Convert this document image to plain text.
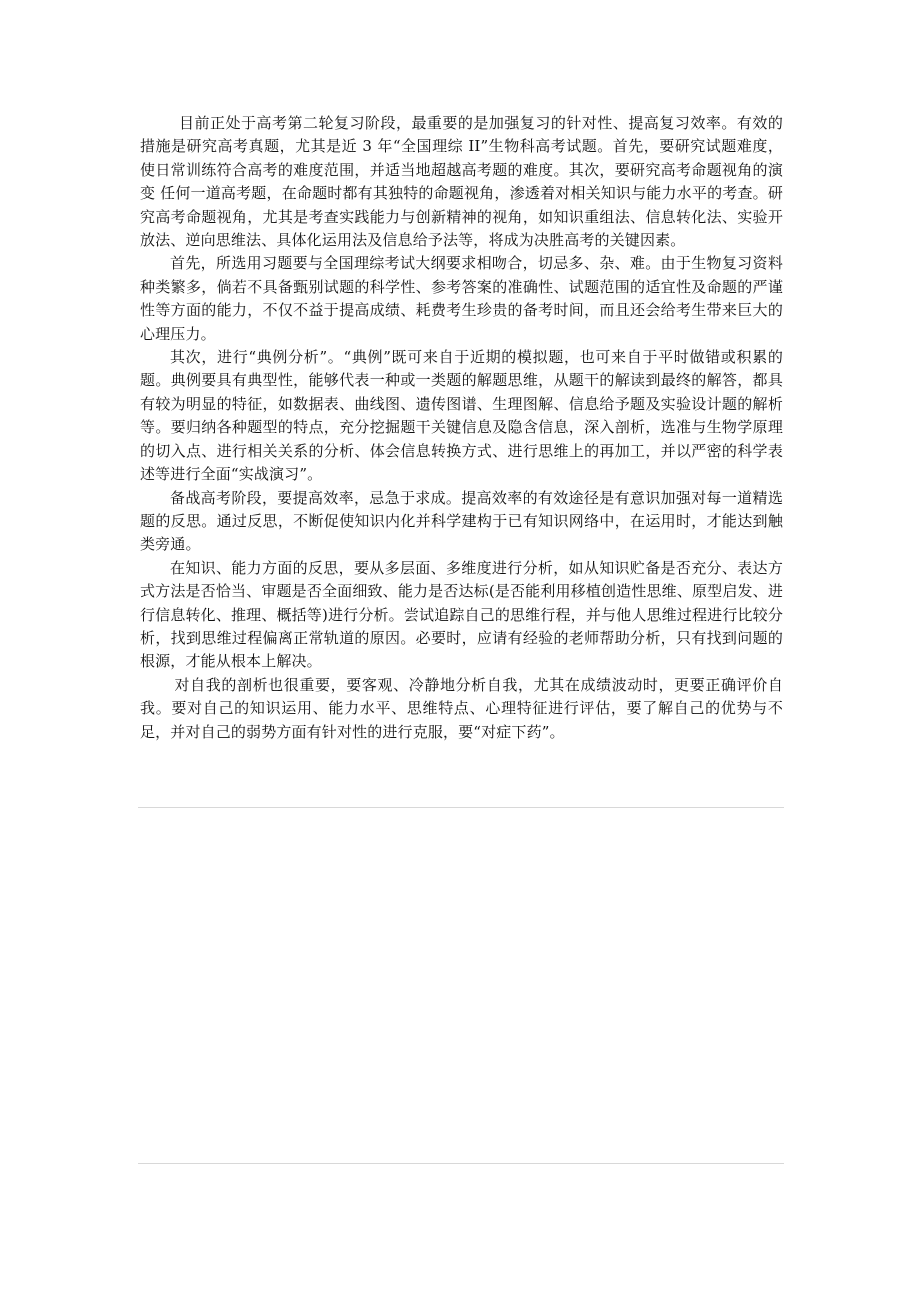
目前正处于高考第二轮复习阶段，最重要的是加强复习的针对性、提高复习效率。有效的措施是研究高考真题，尤其是近 3 年“全国理综 II”生物科高考试题。首先，要研究试题难度，使日常训练符合高考的难度范围，并适当地超越高考题的难度。其次，要研究高考命题视角的演变 任何一道高考题，在命题时都有其独特的命题视角，渗透着对相关知识与能力水平的考查。研究高考命题视角，尤其是考查实践能力与创新精神的视角，如知识重组法、信息转化法、实验开放法、逆向思维法、具体化运用法及信息给予法等，将成为决胜高考的关键因素。

首先，所选用习题要与全国理综考试大纲要求相吻合，切忌多、杂、难。由于生物复习资料种类繁多，倘若不具备甄别试题的科学性、参考答案的准确性、试题范围的适宜性及命题的严谨性等方面的能力，不仅不益于提高成绩、耗费考生珍贵的备考时间，而且还会给考生带来巨大的心理压力。

其次，进行“典例分析”。“典例”既可来自于近期的模拟题，也可来自于平时做错或积累的题。典例要具有典型性，能够代表一种或一类题的解题思维，从题干的解读到最终的解答，都具有较为明显的特征，如数据表、曲线图、遗传图谱、生理图解、信息给予题及实验设计题的解析等。要归纳各种题型的特点，充分挖掘题干关键信息及隐含信息，深入剖析，选准与生物学原理的切入点、进行相关关系的分析、体会信息转换方式、进行思维上的再加工，并以严密的科学表述等进行全面“实战演习”。

备战高考阶段，要提高效率，忌急于求成。提高效率的有效途径是有意识加强对每一道精选题的反思。通过反思，不断促使知识内化并科学建构于已有知识网络中，在运用时，才能达到触类旁通。

在知识、能力方面的反思，要从多层面、多维度进行分析，如从知识贮备是否充分、表达方式方法是否恰当、审题是否全面细致、能力是否达标(是否能利用移植创造性思维、原型启发、进行信息转化、推理、概括等)进行分析。尝试追踪自己的思维行程，并与他人思维过程进行比较分析，找到思维过程偏离正常轨道的原因。必要时，应请有经验的老师帮助分析，只有找到问题的根源，才能从根本上解决。

对自我的剖析也很重要，要客观、冷静地分析自我，尤其在成绩波动时，更要正确评价自我。要对自己的知识运用、能力水平、思维特点、心理特征进行评估，要了解自己的优势与不足，并对自己的弱势方面有针对性的进行克服，要“对症下药”。
